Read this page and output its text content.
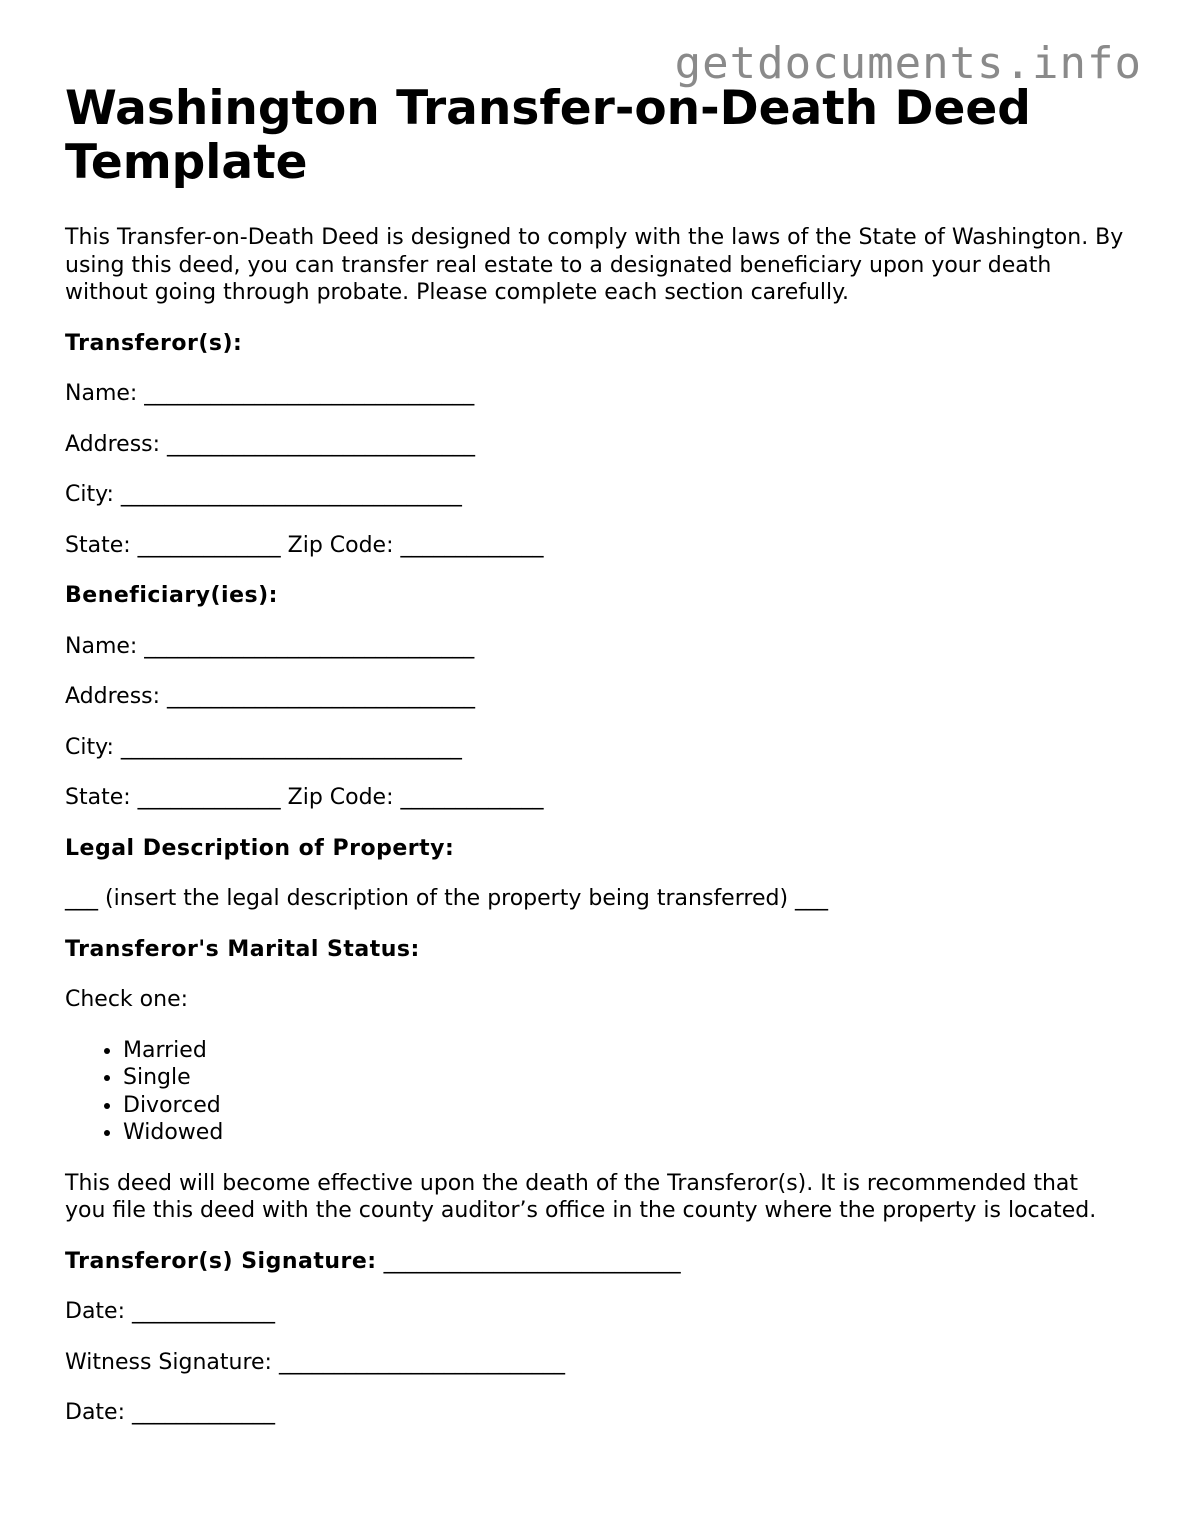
getdocuments.info
Washington Transfer-on-Death Deed Template

This Transfer-on-Death Deed is designed to comply with the laws of the State of Washington. By using this deed, you can transfer real estate to a designated beneficiary upon your death without going through probate. Please complete each section carefully.

Transferor(s):

Name: ______________________________

Address: ____________________________

City: _______________________________

State: _____________ Zip Code: _____________

Beneficiary(ies):

Name: ______________________________

Address: ____________________________

City: _______________________________

State: _____________ Zip Code: _____________

Legal Description of Property:

___ (insert the legal description of the property being transferred) ___

Transferor's Marital Status:

Check one:

• Married
• Single
• Divorced
• Widowed

This deed will become effective upon the death of the Transferor(s). It is recommended that you file this deed with the county auditor’s office in the county where the property is located.

Transferor(s) Signature: ___________________________

Date: _____________

Witness Signature: __________________________

Date: _____________
